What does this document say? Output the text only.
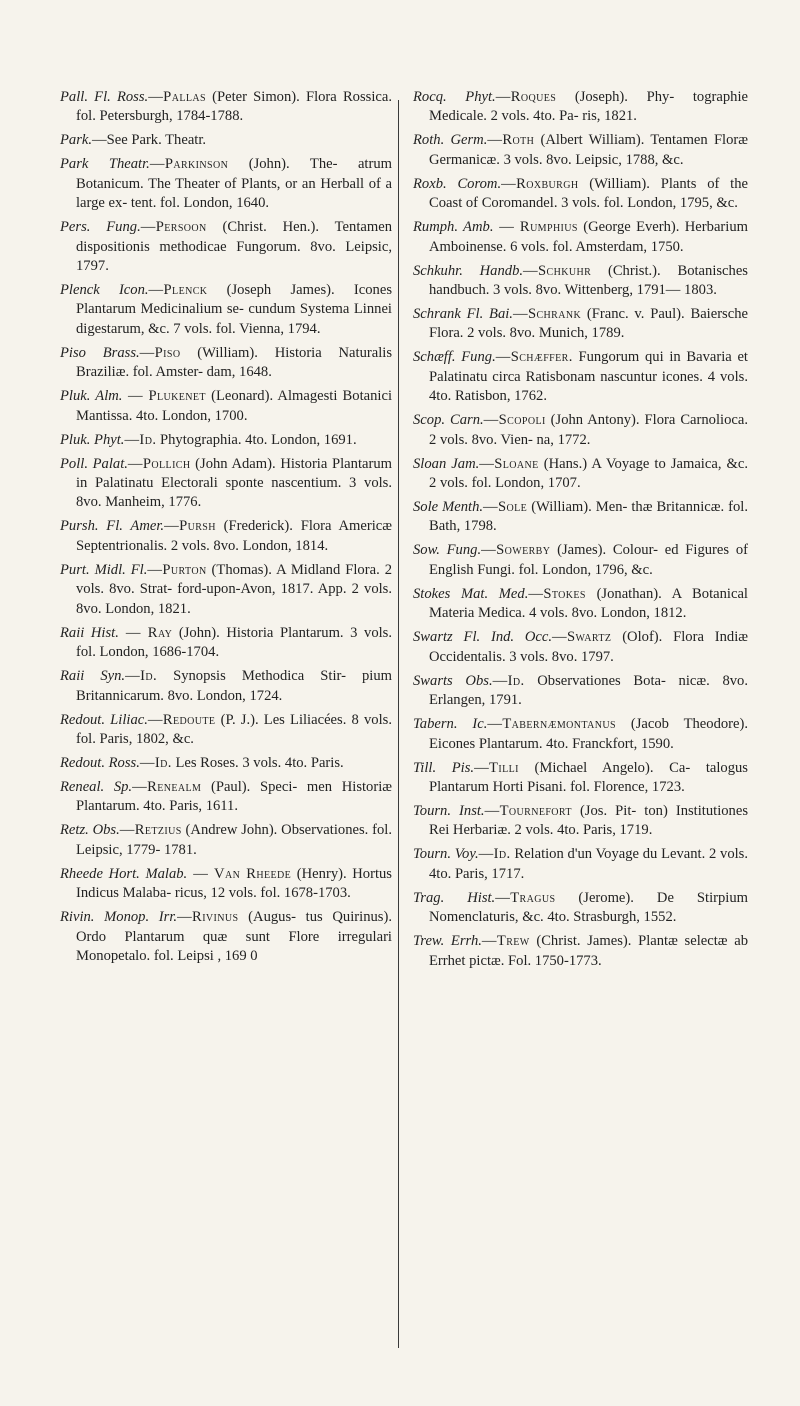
Pall. Fl. Ross.—Pallas (Peter Simon). Flora Rossica. fol. Petersburgh, 1784-1788.

Park.—See Park. Theatr.

Park Theatr.—Parkinson (John). The- atrum Botanicum. The Theater of Plants, or an Herball of a large ex- tent. fol. London, 1640.

Pers. Fung.—Persoon (Christ. Hen.). Tentamen dispositionis methodicae Fungorum. 8vo. Leipsic, 1797.

Plenck Icon.—Plenck (Joseph James). Icones Plantarum Medicinalium se- cundum Systema Linnei digestarum, &c. 7 vols. fol. Vienna, 1794.

Piso Brass.—Piso (William). Historia Naturalis Braziliæ. fol. Amster- dam, 1648.

Pluk. Alm. — Plukenet (Leonard). Almagesti Botanici Mantissa. 4to. London, 1700.

Pluk. Phyt.—Id. Phytographia. 4to. London, 1691.

Poll. Palat.—Pollich (John Adam). Historia Plantarum in Palatinatu Electorali sponte nascentium. 3 vols. 8vo. Manheim, 1776.

Pursh. Fl. Amer.—Pursh (Frederick). Flora Americæ Septentrionalis. 2 vols. 8vo. London, 1814.

Purt. Midl. Fl.—Purton (Thomas). A Midland Flora. 2 vols. 8vo. Strat- ford-upon-Avon, 1817. App. 2 vols. 8vo. London, 1821.

Raii Hist. — Ray (John). Historia Plantarum. 3 vols. fol. London, 1686-1704.

Raii Syn.—Id. Synopsis Methodica Stir- pium Britannicarum. 8vo. London, 1724.

Redout. Liliac.—Redoute (P. J.). Les Liliacées. 8 vols. fol. Paris, 1802, &c.

Redout. Ross.—Id. Les Roses. 3 vols. 4to. Paris.

Reneal. Sp.—Renealm (Paul). Speci- men Historiæ Plantarum. 4to. Paris, 1611.

Retz. Obs.—Retzius (Andrew John). Observationes. fol. Leipsic, 1779- 1781.

Rheede Hort. Malab. — Van Rheede (Henry). Hortus Indicus Malaba- ricus, 12 vols. fol. 1678-1703.

Rivin. Monop. Irr.—Rivinus (Augus- tus Quirinus). Ordo Plantarum quæ sunt Flore irregulari Monopetalo. fol. Leipsi , 169 0

Rocq. Phyt.—Roques (Joseph). Phy- tographie Medicale. 2 vols. 4to. Pa- ris, 1821.

Roth. Germ.—Roth (Albert William). Tentamen Floræ Germanicæ. 3 vols. 8vo. Leipsic, 1788, &c.

Roxb. Corom.—Roxburgh (William). Plants of the Coast of Coromandel. 3 vols. fol. London, 1795, &c.

Rumph. Amb. — Rumphius (George Everh). Herbarium Amboinense. 6 vols. fol. Amsterdam, 1750.

Schkuhr. Handb.—Schkuhr (Christ.). Botanisches handbuch. 3 vols. 8vo. Wittenberg, 1791— 1803.

Schrank Fl. Bai.—Schrank (Franc. v. Paul). Baiersche Flora. 2 vols. 8vo. Munich, 1789.

Schæff. Fung.—Schæffer. Fungorum qui in Bavaria et Palatinatu circa Ratisbonam nascuntur icones. 4 vols. 4to. Ratisbon, 1762.

Scop. Carn.—Scopoli (John Antony). Flora Carnolioca. 2 vols. 8vo. Vien- na, 1772.

Sloan Jam.—Sloane (Hans.) A Voyage to Jamaica, &c. 2 vols. fol. London, 1707.

Sole Menth.—Sole (William). Men- thæ Britannicæ. fol. Bath, 1798.

Sow. Fung.—Sowerby (James). Colour- ed Figures of English Fungi. fol. London, 1796, &c.

Stokes Mat. Med.—Stokes (Jonathan). A Botanical Materia Medica. 4 vols. 8vo. London, 1812.

Swartz Fl. Ind. Occ.—Swartz (Olof). Flora Indiæ Occidentalis. 3 vols. 8vo. 1797.

Swarts Obs.—Id. Observationes Bota- nicæ. 8vo. Erlangen, 1791.

Tabern. Ic.—Tabernæmontanus (Jacob Theodore). Eicones Plantarum. 4to. Franckfort, 1590.

Till. Pis.—Tilli (Michael Angelo). Ca- talogus Plantarum Horti Pisani. fol. Florence, 1723.

Tourn. Inst.—Tournefort (Jos. Pit- ton) Institutiones Rei Herbariæ. 2 vols. 4to. Paris, 1719.

Tourn. Voy.—Id. Relation d'un Voyage du Levant. 2 vols. 4to. Paris, 1717.

Trag. Hist.—Tragus (Jerome). De Stirpium Nomenclaturis, &c. 4to. Strasburgh, 1552.

Trew. Errh.—Trew (Christ. James). Plantæ selectæ ab Errhet pictæ. Fol. 1750-1773.
